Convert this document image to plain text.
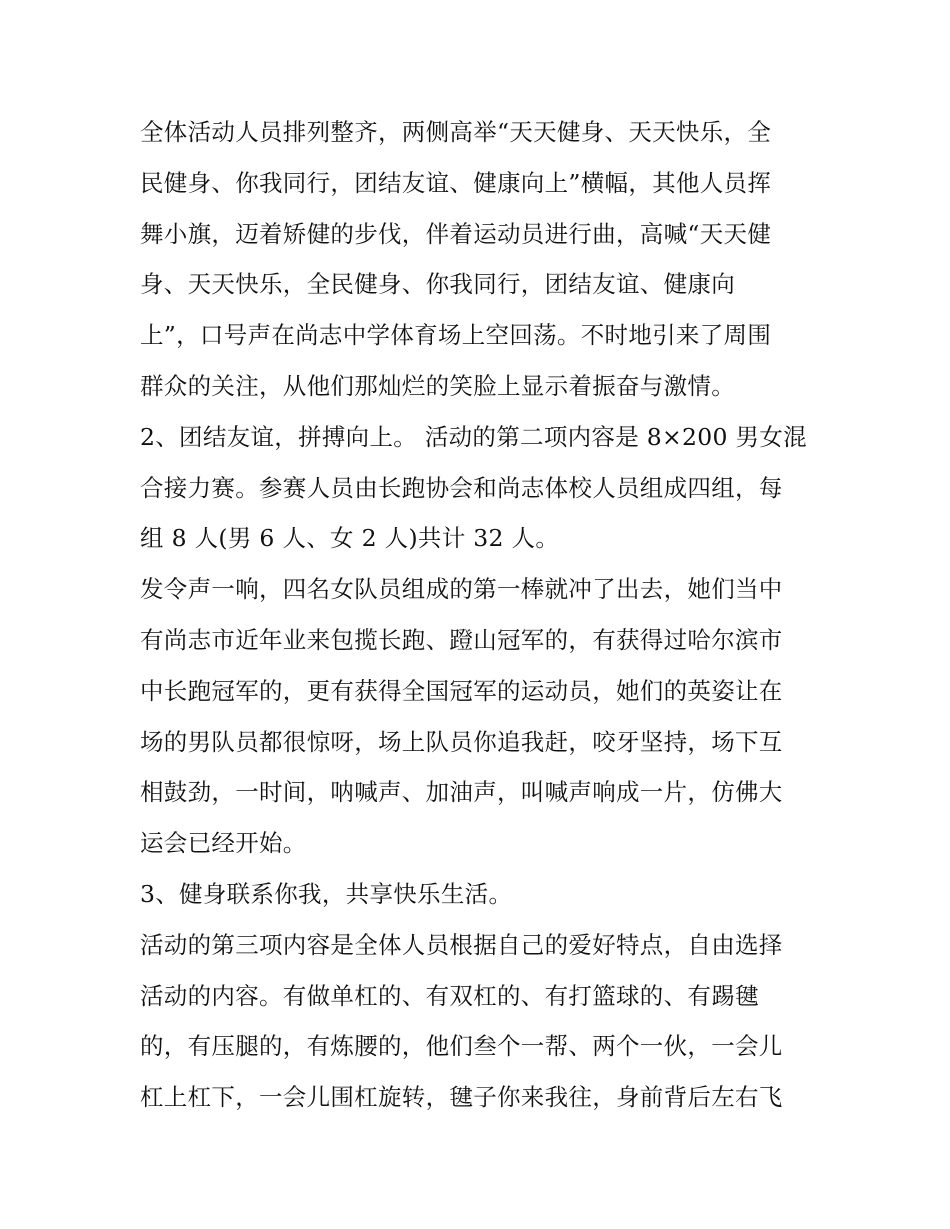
全体活动人员排列整齐，两侧高举“天天健身、天天快乐，全
民健身、你我同行，团结友谊、健康向上”横幅，其他人员挥
舞小旗，迈着矫健的步伐，伴着运动员进行曲，高喊“天天健
身、天天快乐，全民健身、你我同行，团结友谊、健康向
上”，口号声在尚志中学体育场上空回荡。不时地引来了周围
群众的关注，从他们那灿烂的笑脸上显示着振奋与激情。
2、团结友谊，拼搏向上。 活动的第二项内容是 8×200 男女混
合接力赛。参赛人员由长跑协会和尚志体校人员组成四组，每
组 8 人(男 6 人、女 2 人)共计 32 人。
发令声一响，四名女队员组成的第一棒就冲了出去，她们当中
有尚志市近年业来包揽长跑、蹬山冠军的，有获得过哈尔滨市
中长跑冠军的，更有获得全国冠军的运动员，她们的英姿让在
场的男队员都很惊呀，场上队员你追我赶，咬牙坚持，场下互
相鼓劲，一时间，呐喊声、加油声，叫喊声响成一片，仿佛大
运会已经开始。
3、健身联系你我，共享快乐生活。
活动的第三项内容是全体人员根据自己的爱好特点，自由选择
活动的内容。有做单杠的、有双杠的、有打篮球的、有踢毽
的，有压腿的，有炼腰的，他们叁个一帮、两个一伙，一会儿
杠上杠下，一会儿围杠旋转，毽子你来我往，身前背后左右飞
